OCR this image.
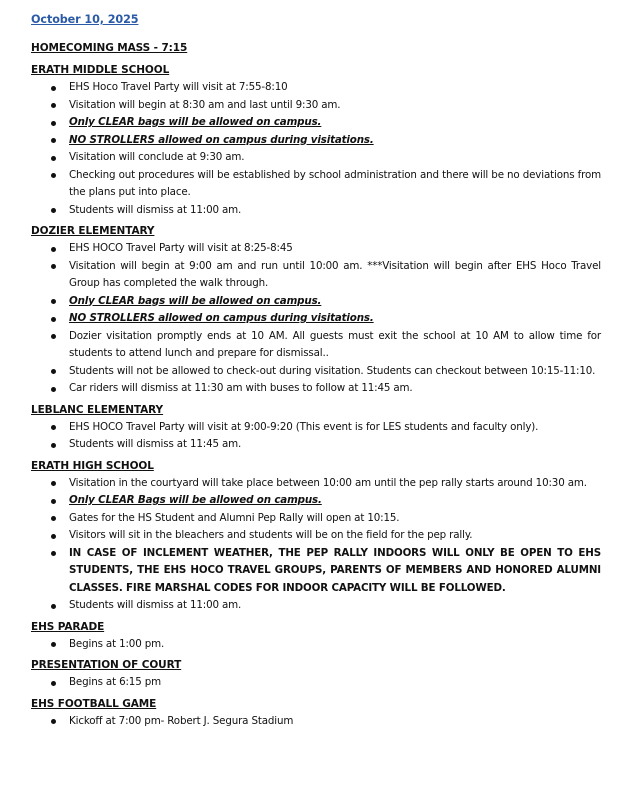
October 10, 2025
HOMECOMING MASS - 7:15
ERATH MIDDLE SCHOOL
EHS Hoco Travel Party will visit at 7:55-8:10
Visitation will begin at 8:30 am and last until 9:30 am.
Only CLEAR bags will be allowed on campus.
NO STROLLERS allowed on campus during visitations.
Visitation will conclude at 9:30 am.
Checking out procedures will be established by school administration and there will be no deviations from the plans put into place.
Students will dismiss at 11:00 am.
DOZIER ELEMENTARY
EHS HOCO Travel Party will visit at 8:25-8:45
Visitation will begin at 9:00 am and run until 10:00 am. ***Visitation will begin after EHS Hoco Travel Group has completed the walk through.
Only CLEAR bags will be allowed on campus.
NO STROLLERS allowed on campus during visitations.
Dozier visitation promptly ends at 10 AM. All guests must exit the school at 10 AM to allow time for students to attend lunch and prepare for dismissal..
Students will not be allowed to check-out during visitation. Students can checkout between 10:15-11:10.
Car riders will dismiss at 11:30 am with buses to follow at 11:45 am.
LEBLANC ELEMENTARY
EHS HOCO Travel Party will visit at 9:00-9:20 (This event is for LES students and faculty only).
Students will dismiss at 11:45 am.
ERATH HIGH SCHOOL
Visitation in the courtyard will take place between 10:00 am until the pep rally starts around 10:30 am.
Only CLEAR Bags will be allowed on campus.
Gates for the HS Student and Alumni Pep Rally will open at 10:15.
Visitors will sit in the bleachers and students will be on the field for the pep rally.
IN CASE OF INCLEMENT WEATHER, THE PEP RALLY INDOORS WILL ONLY BE OPEN TO EHS STUDENTS, THE EHS HOCO TRAVEL GROUPS, PARENTS OF MEMBERS AND HONORED ALUMNI CLASSES. FIRE MARSHAL CODES FOR INDOOR CAPACITY WILL BE FOLLOWED.
Students will dismiss at 11:00 am.
EHS PARADE
Begins at 1:00 pm.
PRESENTATION OF COURT
Begins at 6:15 pm
EHS FOOTBALL GAME
Kickoff at 7:00 pm- Robert J. Segura Stadium
